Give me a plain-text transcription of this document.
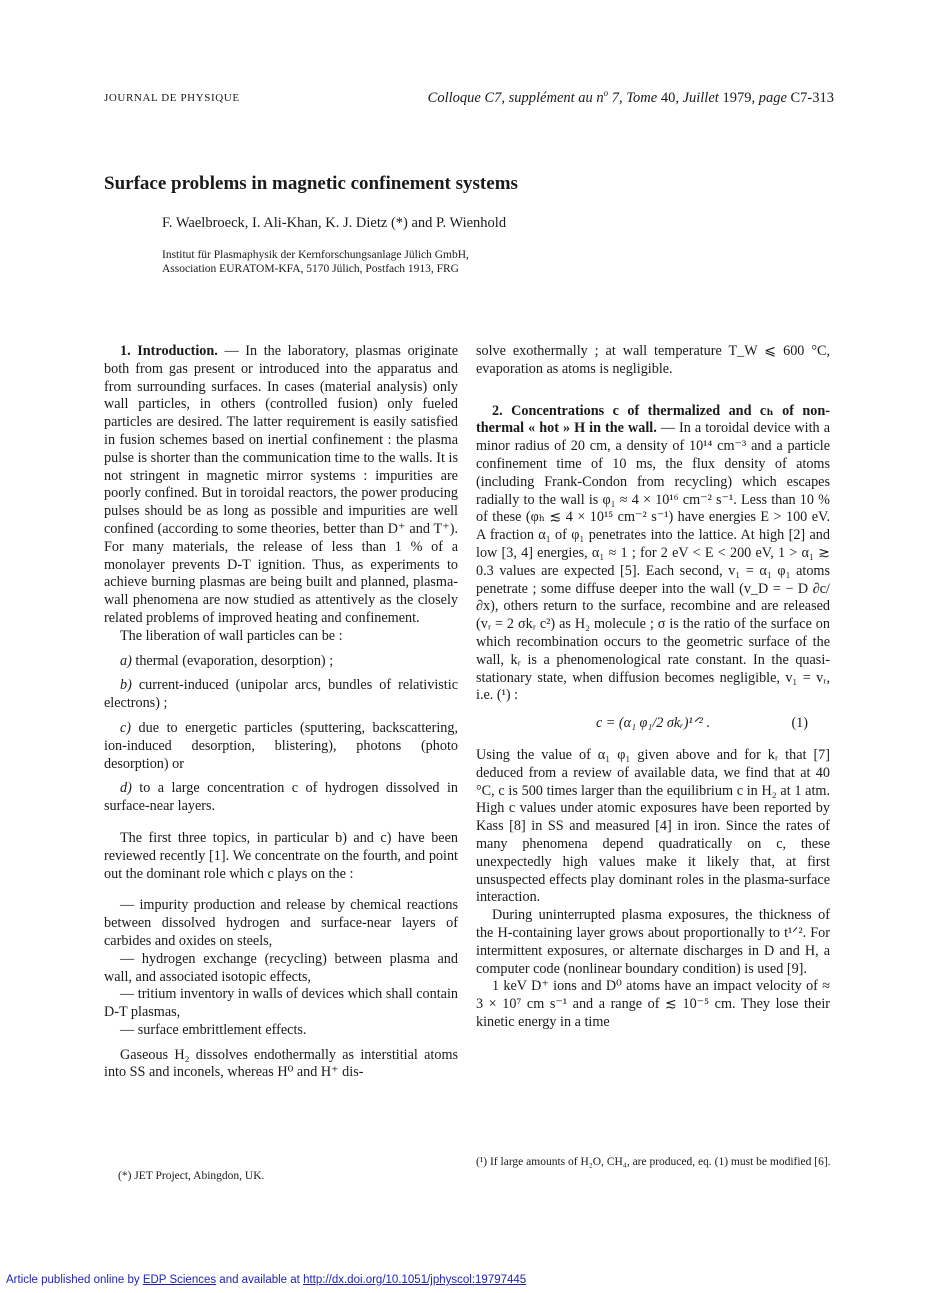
JOURNAL DE PHYSIQUE	Colloque C7, supplément au $n^o$ 7, Tome 40, Juillet 1979, page C7-313
Surface problems in magnetic confinement systems
F. Waelbroeck, I. Ali-Khan, K. J. Dietz (*) and P. Wienhold
Institut für Plasmaphysik der Kernforschungsanlage Jülich GmbH,
Association EURATOM-KFA, 5170 Jülich, Postfach 1913, FRG

1. Introduction. — In the laboratory, plasmas originate both from gas present or introduced into the apparatus and from surrounding surfaces. In cases (material analysis) only wall particles, in others (controlled fusion) only fueled particles are desired. The latter requirement is easily satisfied in fusion schemes based on inertial confinement : the plasma pulse is shorter than the communication time to the walls. It is not stringent in magnetic mirror systems : impurities are poorly confined. But in toroidal reactors, the power producing pulses should be as long as possible and impurities are well confined (according to some theories, better than D⁺ and T⁺). For many materials, the release of less than 1 % of a monolayer prevents D-T ignition. Thus, as experiments to achieve burning plasmas are being built and planned, plasma-wall phenomena are now studied as attentively as the closely related problems of improved heating and confinement.

The liberation of wall particles can be :

a) thermal (evaporation, desorption) ;

b) current-induced (unipolar arcs, bundles of relativistic electrons) ;

c) due to energetic particles (sputtering, backscattering, ion-induced desorption, blistering), photons (photo desorption) or

d) to a large concentration c of hydrogen dissolved in surface-near layers.

The first three topics, in particular b) and c) have been reviewed recently [1]. We concentrate on the fourth, and point out the dominant role which c plays on the :

— impurity production and release by chemical reactions between dissolved hydrogen and surface-near layers of carbides and oxides on steels,

— hydrogen exchange (recycling) between plasma and wall, and associated isotopic effects,

— tritium inventory in walls of devices which shall contain D-T plasmas,

— surface embrittlement effects.

Gaseous H₂ dissolves endothermally as interstitial atoms into SS and inconels, whereas H⁰ and H⁺ dis-

solve exothermally ; at wall temperature T_W ⩽ 600 °C, evaporation as atoms is negligible.

2. Concentrations c of thermalized and cₕ of non-thermal « hot » H in the wall. — In a toroidal device with a minor radius of 20 cm, a density of 10¹⁴ cm⁻³ and a particle confinement time of 10 ms, the flux density of atoms (including Frank-Condon from recycling) which escapes radially to the wall is φ₁ ≈ 4 × 10¹⁶ cm⁻² s⁻¹. Less than 10 % of these (φₕ ≲ 4 × 10¹⁵ cm⁻² s⁻¹) have energies E > 100 eV. A fraction α₁ of φ₁ penetrates into the lattice. At high [2] and low [3, 4] energies, α₁ ≈ 1 ; for 2 eV < E < 200 eV, 1 > α₁ ≳ 0.3 values are expected [5]. Each second, v₁ = α₁ φ₁ atoms penetrate ; some diffuse deeper into the wall (v_D = − D ∂c/∂x), others return to the surface, recombine and are released (vᵣ = 2 σkᵣ c²) as H₂ molecule ; σ is the ratio of the surface on which recombination occurs to the geometric surface of the wall, kᵣ is a phenomenological rate constant. In the quasi-stationary state, when diffusion becomes negligible, v₁ = vᵣ, i.e. (¹) :

c = (α₁ φ₁/2 σkᵣ)¹ᐟ² .	(1)

Using the value of α₁ φ₁ given above and for kᵣ that [7] deduced from a review of available data, we find that at 40 °C, c is 500 times larger than the equilibrium c in H₂ at 1 atm. High c values under atomic exposures have been reported by Kass [8] in SS and measured [4] in iron. Since the rates of many phenomena depend quadratically on c, these unexpectedly high values make it likely that, at first unsuspected effects play dominant roles in the plasma-surface interaction.

During uninterrupted plasma exposures, the thickness of the H-containing layer grows about proportionally to t¹ᐟ². For intermittent exposures, or alternate discharges in D and H, a computer code (nonlinear boundary condition) is used [9].

1 keV D⁺ ions and D⁰ atoms have an impact velocity of ≈ 3 × 10⁷ cm s⁻¹ and a range of ≲ 10⁻⁵ cm. They lose their kinetic energy in a time

(*) JET Project, Abingdon, UK.
(¹) If large amounts of H₂O, CH₄, are produced, eq. (1) must be modified [6].
Article published online by EDP Sciences and available at http://dx.doi.org/10.1051/jphyscol:19797445
